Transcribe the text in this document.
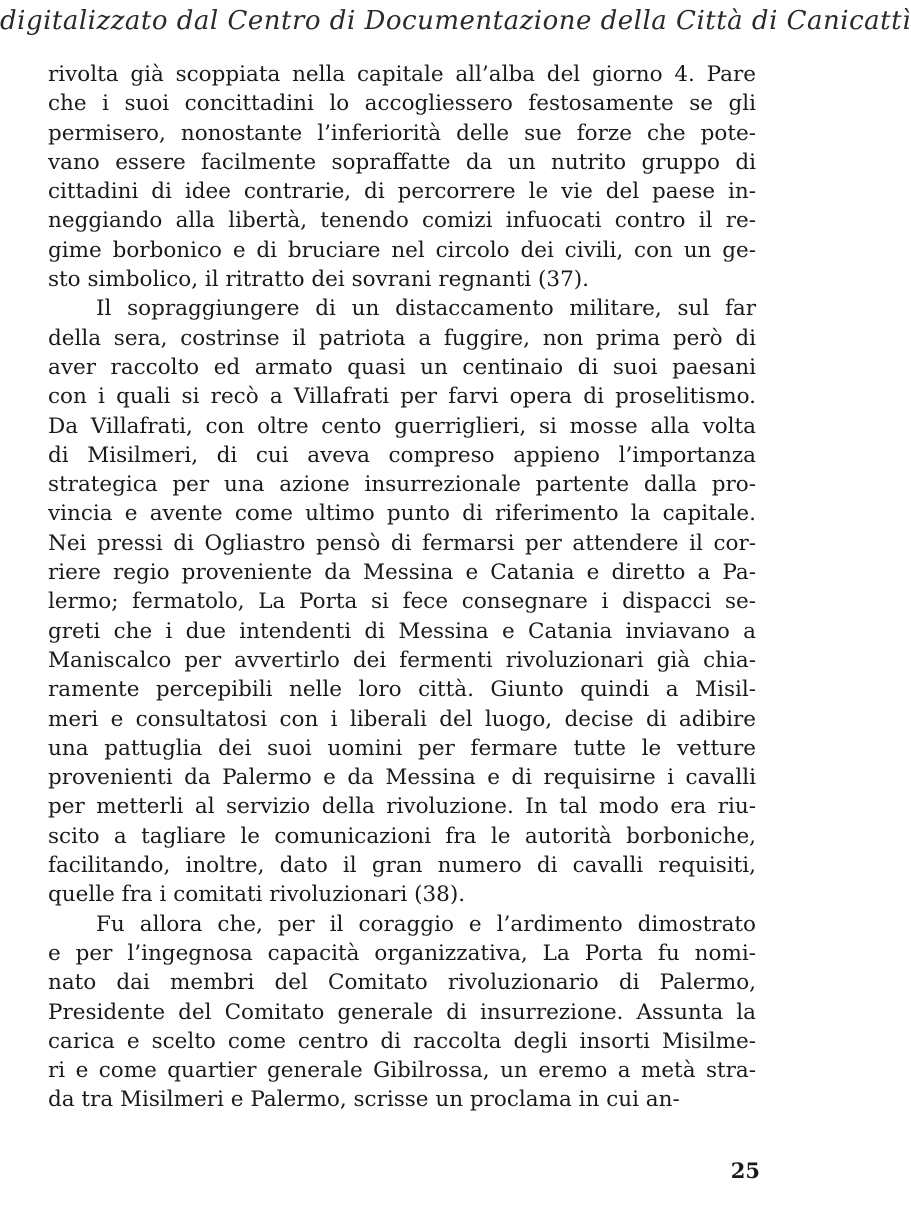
digitalizzato dal Centro di Documentazione della Città di Canicattì
rivolta già scoppiata nella capitale all’alba del giorno 4. Pare
che i suoi concittadini lo accogliessero festosamente se gli
permisero, nonostante l’inferiorità delle sue forze che pote-
vano essere facilmente sopraffatte da un nutrito gruppo di
cittadini di idee contrarie, di percorrere le vie del paese in-
neggiando alla libertà, tenendo comizi infuocati contro il re-
gime borbonico e di bruciare nel circolo dei civili, con un ge-
sto simbolico, il ritratto dei sovrani regnanti (37).
Il sopraggiungere di un distaccamento militare, sul far
della sera, costrinse il patriota a fuggire, non prima però di
aver raccolto ed armato quasi un centinaio di suoi paesani
con i quali si recò a Villafrati per farvi opera di proselitismo.
Da Villafrati, con oltre cento guerriglieri, si mosse alla volta
di Misilmeri, di cui aveva compreso appieno l’importanza
strategica per una azione insurrezionale partente dalla pro-
vincia e avente come ultimo punto di riferimento la capitale.
Nei pressi di Ogliastro pensò di fermarsi per attendere il cor-
riere regio proveniente da Messina e Catania e diretto a Pa-
lermo; fermatolo, La Porta si fece consegnare i dispacci se-
greti che i due intendenti di Messina e Catania inviavano a
Maniscalco per avvertirlo dei fermenti rivoluzionari già chia-
ramente percepibili nelle loro città. Giunto quindi a Misil-
meri e consultatosi con i liberali del luogo, decise di adibire
una pattuglia dei suoi uomini per fermare tutte le vetture
provenienti da Palermo e da Messina e di requisirne i cavalli
per metterli al servizio della rivoluzione. In tal modo era riu-
scito a tagliare le comunicazioni fra le autorità borboniche,
facilitando, inoltre, dato il gran numero di cavalli requisiti,
quelle fra i comitati rivoluzionari (38).
Fu allora che, per il coraggio e l’ardimento dimostrato
e per l’ingegnosa capacità organizzativa, La Porta fu nomi-
nato dai membri del Comitato rivoluzionario di Palermo,
Presidente del Comitato generale di insurrezione. Assunta la
carica e scelto come centro di raccolta degli insorti Misilme-
ri e come quartier generale Gibilrossa, un eremo a metà stra-
da tra Misilmeri e Palermo, scrisse un proclama in cui an-
25
